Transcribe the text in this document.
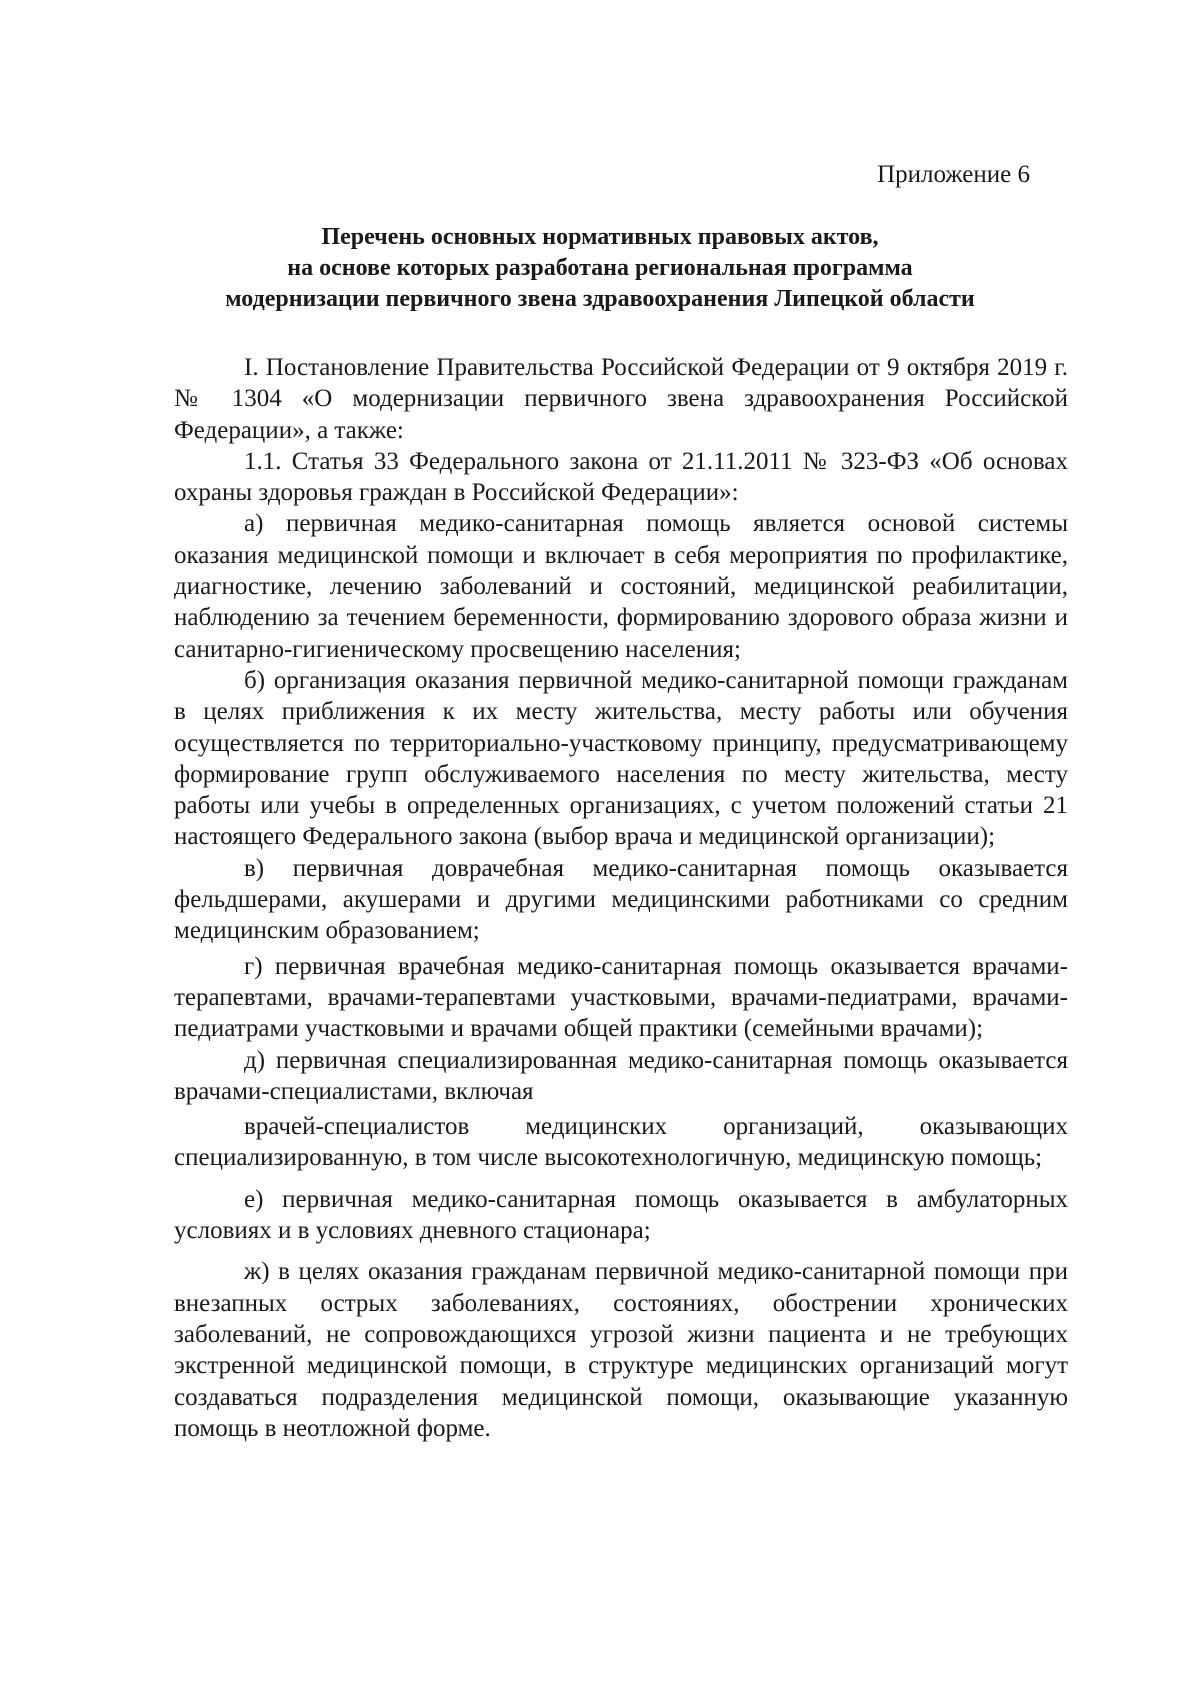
Приложение 6
Перечень основных нормативных правовых актов,
на основе которых разработана региональная программа
модернизации первичного звена здравоохранения Липецкой области

I. Постановление Правительства Российской Федерации от 9 октября 2019 г. № 1304 «О модернизации первичного звена здравоохранения Российской Федерации», а также:

1.1. Статья 33 Федерального закона от 21.11.2011 № 323-ФЗ «Об основах охраны здоровья граждан в Российской Федерации»:

а) первичная медико-санитарная помощь является основой системы оказания медицинской помощи и включает в себя мероприятия по профилактике, диагностике, лечению заболеваний и состояний, медицинской реабилитации, наблюдению за течением беременности, формированию здорового образа жизни и санитарно-гигиеническому просвещению населения;

б) организация оказания первичной медико-санитарной помощи гражданам в целях приближения к их месту жительства, месту работы или обучения осуществляется по территориально-участковому принципу, предусматривающему формирование групп обслуживаемого населения по месту жительства, месту работы или учебы в определенных организациях, с учетом положений статьи 21 настоящего Федерального закона (выбор врача и медицинской организации);

в) первичная доврачебная медико-санитарная помощь оказывается фельдшерами, акушерами и другими медицинскими работниками со средним медицинским образованием;

г) первичная врачебная медико-санитарная помощь оказывается врачами-терапевтами, врачами-терапевтами участковыми, врачами-педиатрами, врачами-педиатрами участковыми и врачами общей практики (семейными врачами);

д) первичная специализированная медико-санитарная помощь оказывается врачами-специалистами, включая

врачей-специалистов медицинских организаций, оказывающих специализированную, в том числе высокотехнологичную, медицинскую помощь;

е) первичная медико-санитарная помощь оказывается в амбулаторных условиях и в условиях дневного стационара;

ж) в целях оказания гражданам первичной медико-санитарной помощи при внезапных острых заболеваниях, состояниях, обострении хронических заболеваний, не сопровождающихся угрозой жизни пациента и не требующих экстренной медицинской помощи, в структуре медицинских организаций могут создаваться подразделения медицинской помощи, оказывающие указанную помощь в неотложной форме.
